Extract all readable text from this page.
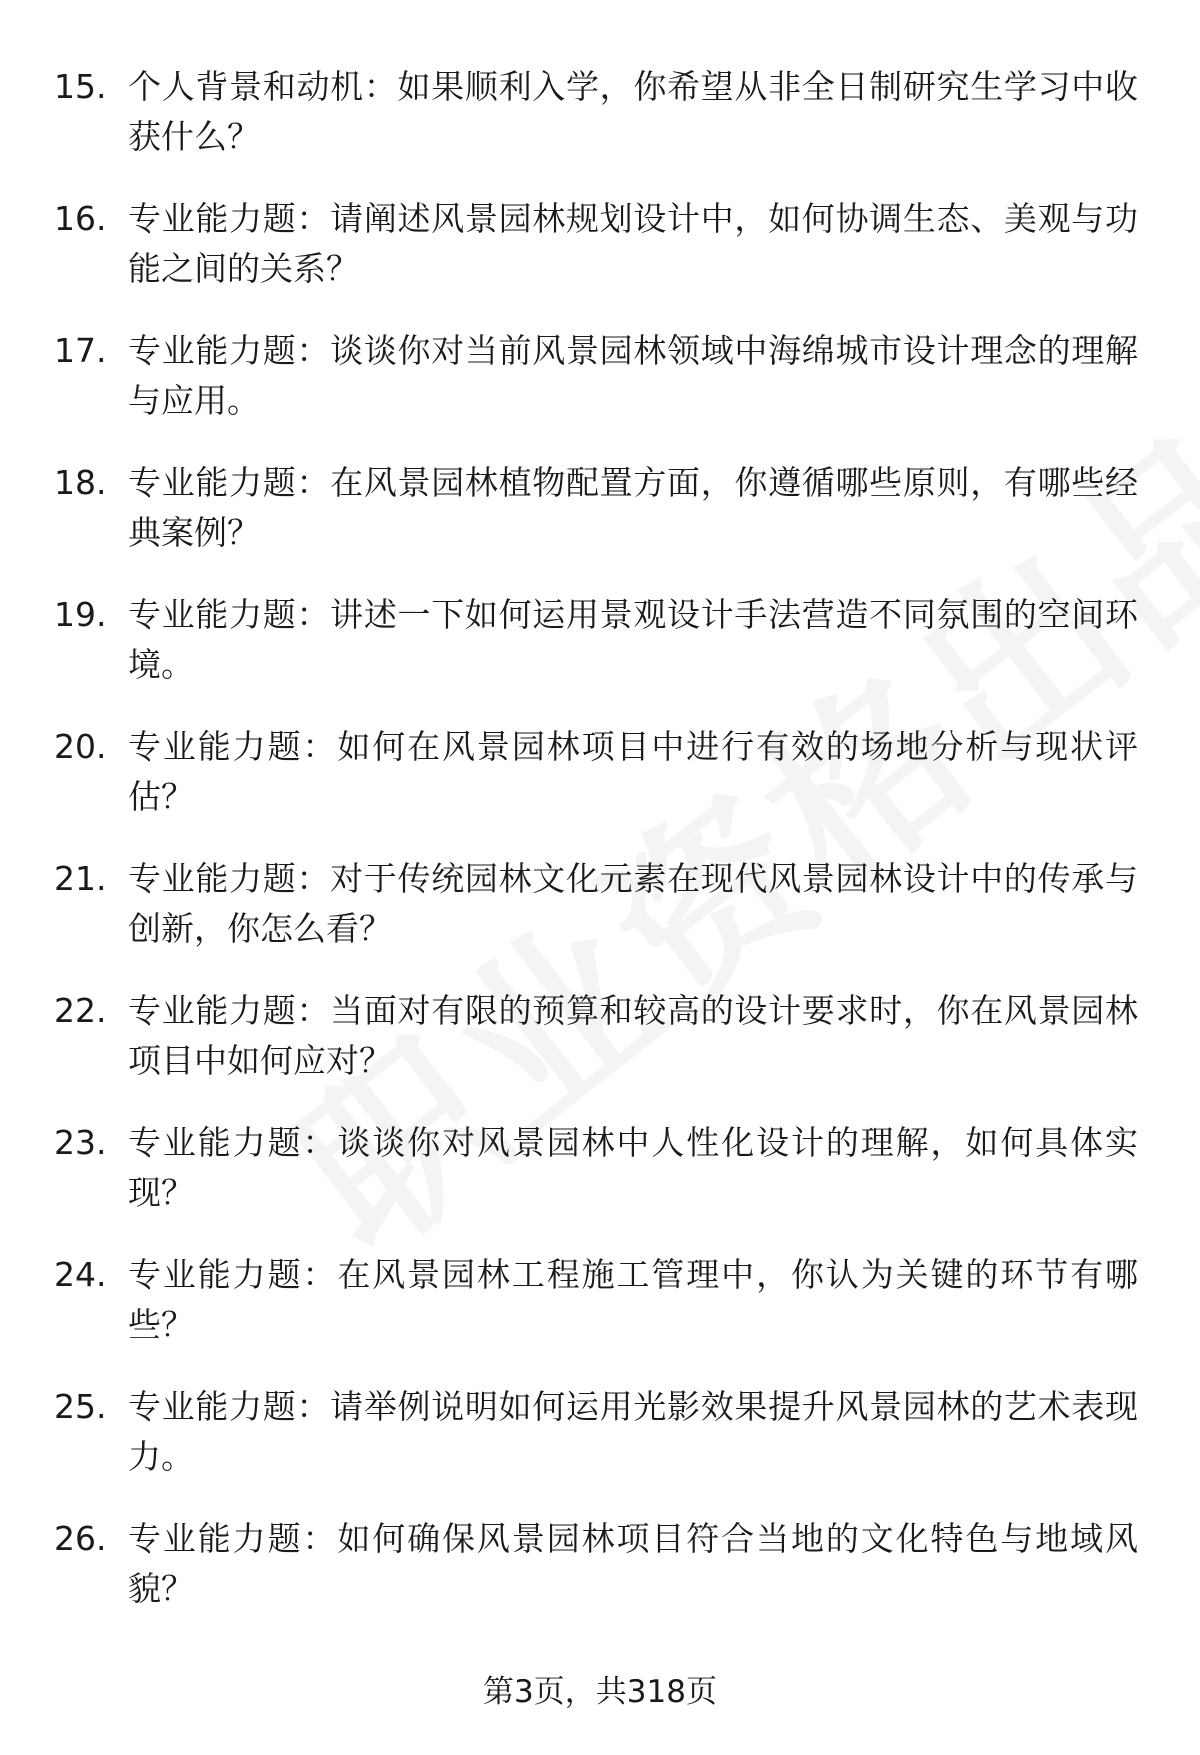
15. 个人背景和动机：如果顺利入学，你希望从非全日制研究生学习中收获什么？
16. 专业能力题：请阐述风景园林规划设计中，如何协调生态、美观与功能之间的关系？
17. 专业能力题：谈谈你对当前风景园林领域中海绵城市设计理念的理解与应用。
18. 专业能力题：在风景园林植物配置方面，你遵循哪些原则，有哪些经典案例？
19. 专业能力题：讲述一下如何运用景观设计手法营造不同氛围的空间环境。
20. 专业能力题：如何在风景园林项目中进行有效的场地分析与现状评估？
21. 专业能力题：对于传统园林文化元素在现代风景园林设计中的传承与创新，你怎么看？
22. 专业能力题：当面对有限的预算和较高的设计要求时，你在风景园林项目中如何应对？
23. 专业能力题：谈谈你对风景园林中人性化设计的理解，如何具体实现？
24. 专业能力题：在风景园林工程施工管理中，你认为关键的环节有哪些？
25. 专业能力题：请举例说明如何运用光影效果提升风景园林的艺术表现力。
26. 专业能力题：如何确保风景园林项目符合当地的文化特色与地域风貌？
第3页，共318页
